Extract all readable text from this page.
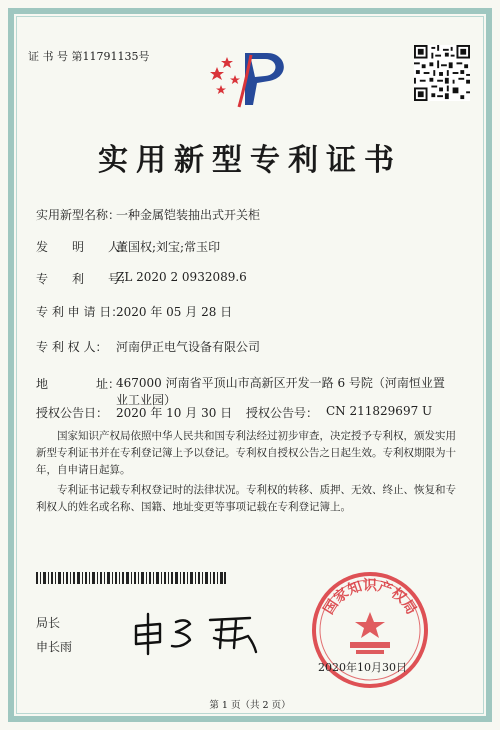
证 书 号 第11791135号
实用新型专利证书
实用新型名称：
一种金属铠装抽出式开关柜
发　　明　　人：
董国权;刘宝;常玉印
专　　利　　号：
ZL 2020 2 0932089.6
专 利 申 请 日：
2020 年 05 月 28 日
专 利 权 人： 河南伊正电气设备有限公司
地　　　　址：
467000 河南省平顶山市高新区开发一路 6 号院（河南恒业置业工业园）
授权公告日： 2020 年 10 月 30 日 授权公告号： CN 211829697 U

国家知识产权局依照中华人民共和国专利法经过初步审查，决定授予专利权，颁发实用新型专利证书并在专利登记簿上予以登记。专利权自授权公告之日起生效。专利权期限为十年，自申请日起算。

专利证书记载专利权登记时的法律状况。专利权的转移、质押、无效、终止、恢复和专利权人的姓名或名称、国籍、地址变更等事项记载在专利登记簿上。

局长
申长雨
国家知识产权局
2020年10月30日
第 1 页（共 2 页）
